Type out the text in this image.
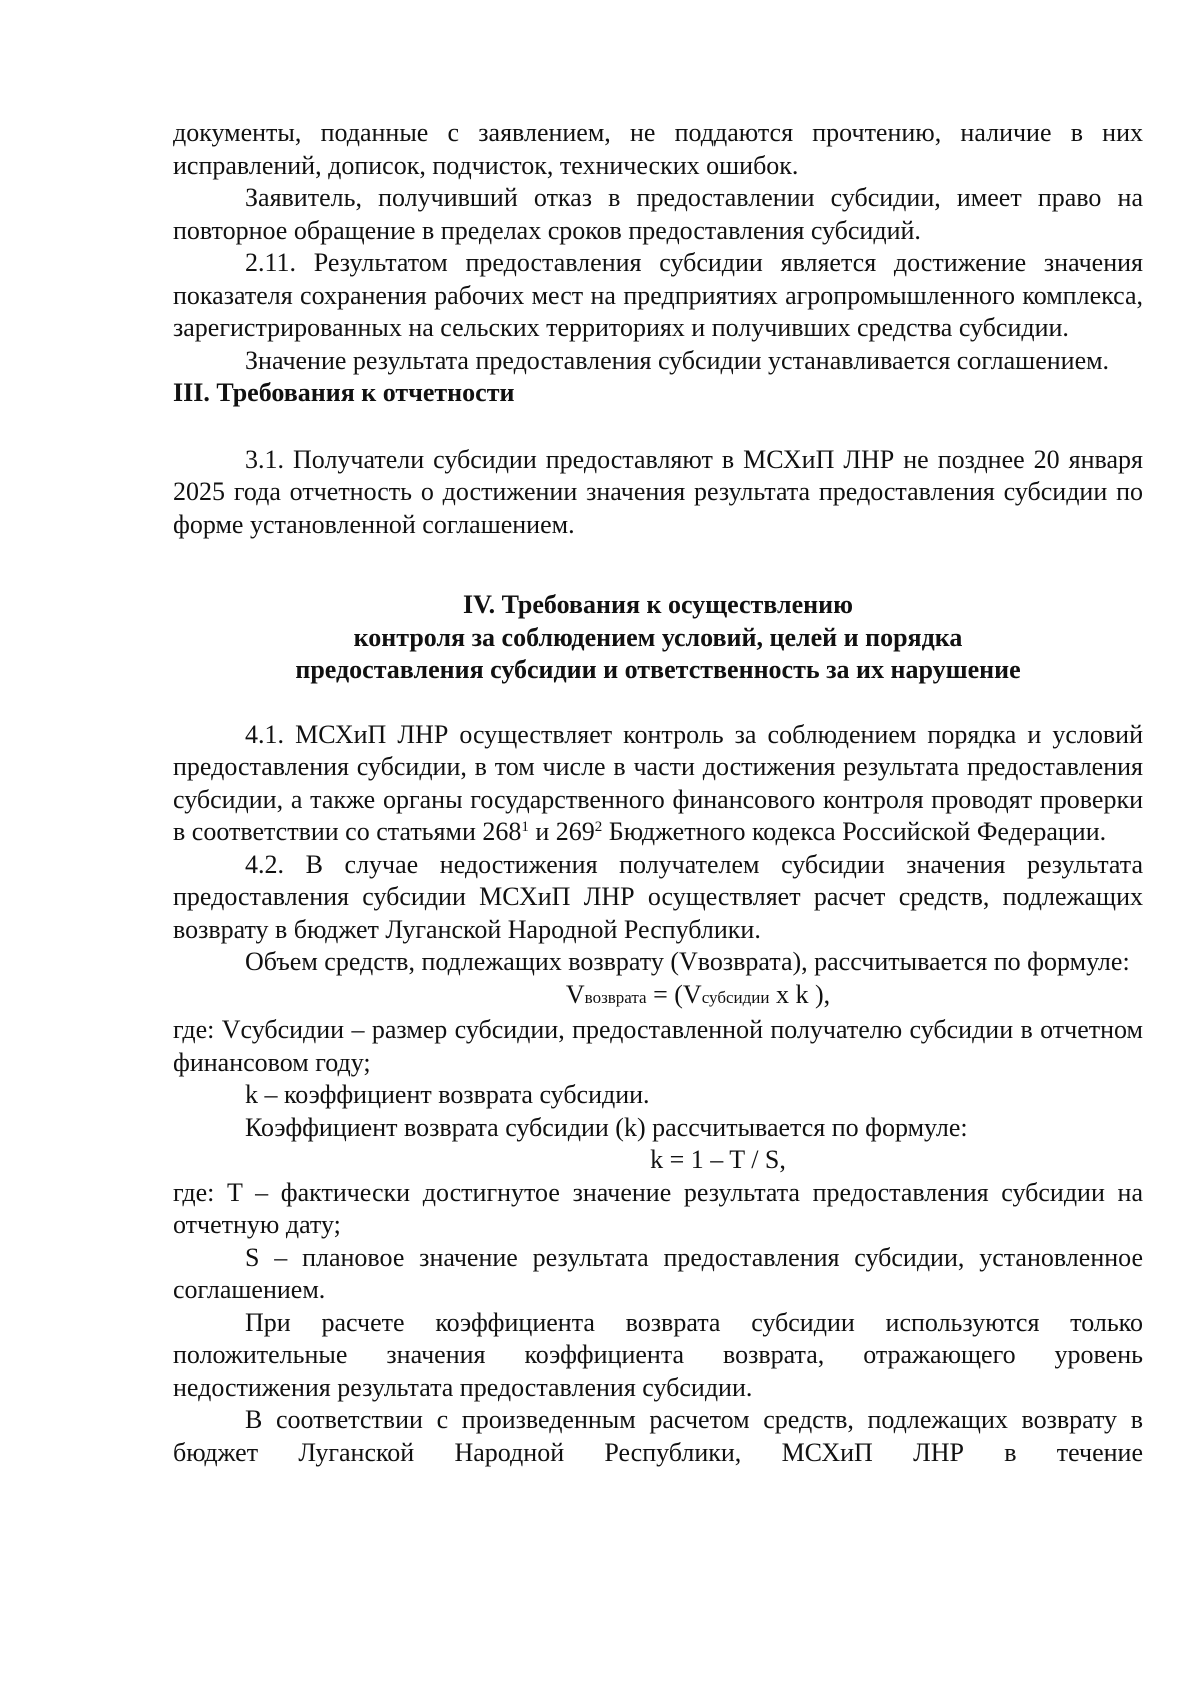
документы, поданные с заявлением, не поддаются прочтению, наличие в них исправлений, дописок, подчисток, технических ошибок.

Заявитель, получивший отказ в предоставлении субсидии, имеет право на повторное обращение в пределах сроков предоставления субсидий.

2.11. Результатом предоставления субсидии является достижение значения показателя сохранения рабочих мест на предприятиях агропромышленного комплекса, зарегистрированных на сельских территориях и получивших средства субсидии.

Значение результата предоставления субсидии устанавливается соглашением.

III. Требования к отчетности

3.1. Получатели субсидии предоставляют в МСХиП ЛНР не позднее 20 января 2025 года отчетность о достижении значения результата предоставления субсидии по форме установленной соглашением.

IV. Требования к осуществлению
контроля за соблюдением условий, целей и порядка
предоставления субсидии и ответственность за их нарушение

4.1. МСХиП ЛНР осуществляет контроль за соблюдением порядка и условий предоставления субсидии, в том числе в части достижения результата предоставления субсидии, а также органы государственного финансового контроля проводят проверки в соответствии со статьями $268^1$ и $269^2$ Бюджетного кодекса Российской Федерации.

4.2. В случае недостижения получателем субсидии значения результата предоставления субсидии МСХиП ЛНР осуществляет расчет средств, подлежащих возврату в бюджет Луганской Народной Республики.

Объем средств, подлежащих возврату (Vвозврата), рассчитывается по формуле:

Vвозврата = (Vсубсидии х k ),

где: Vсубсидии – размер субсидии, предоставленной получателю субсидии в отчетном финансовом году;

k – коэффициент возврата субсидии.

Коэффициент возврата субсидии (k) рассчитывается по формуле:

k = 1 – T / S,

где: T – фактически достигнутое значение результата предоставления субсидии на отчетную дату;

S – плановое значение результата предоставления субсидии, установленное соглашением.

При расчете коэффициента возврата субсидии используются только положительные значения коэффициента возврата, отражающего уровень недостижения результата предоставления субсидии.

В соответствии с произведенным расчетом средств, подлежащих возврату в бюджет Луганской Народной Республики, МСХиП ЛНР в течение
